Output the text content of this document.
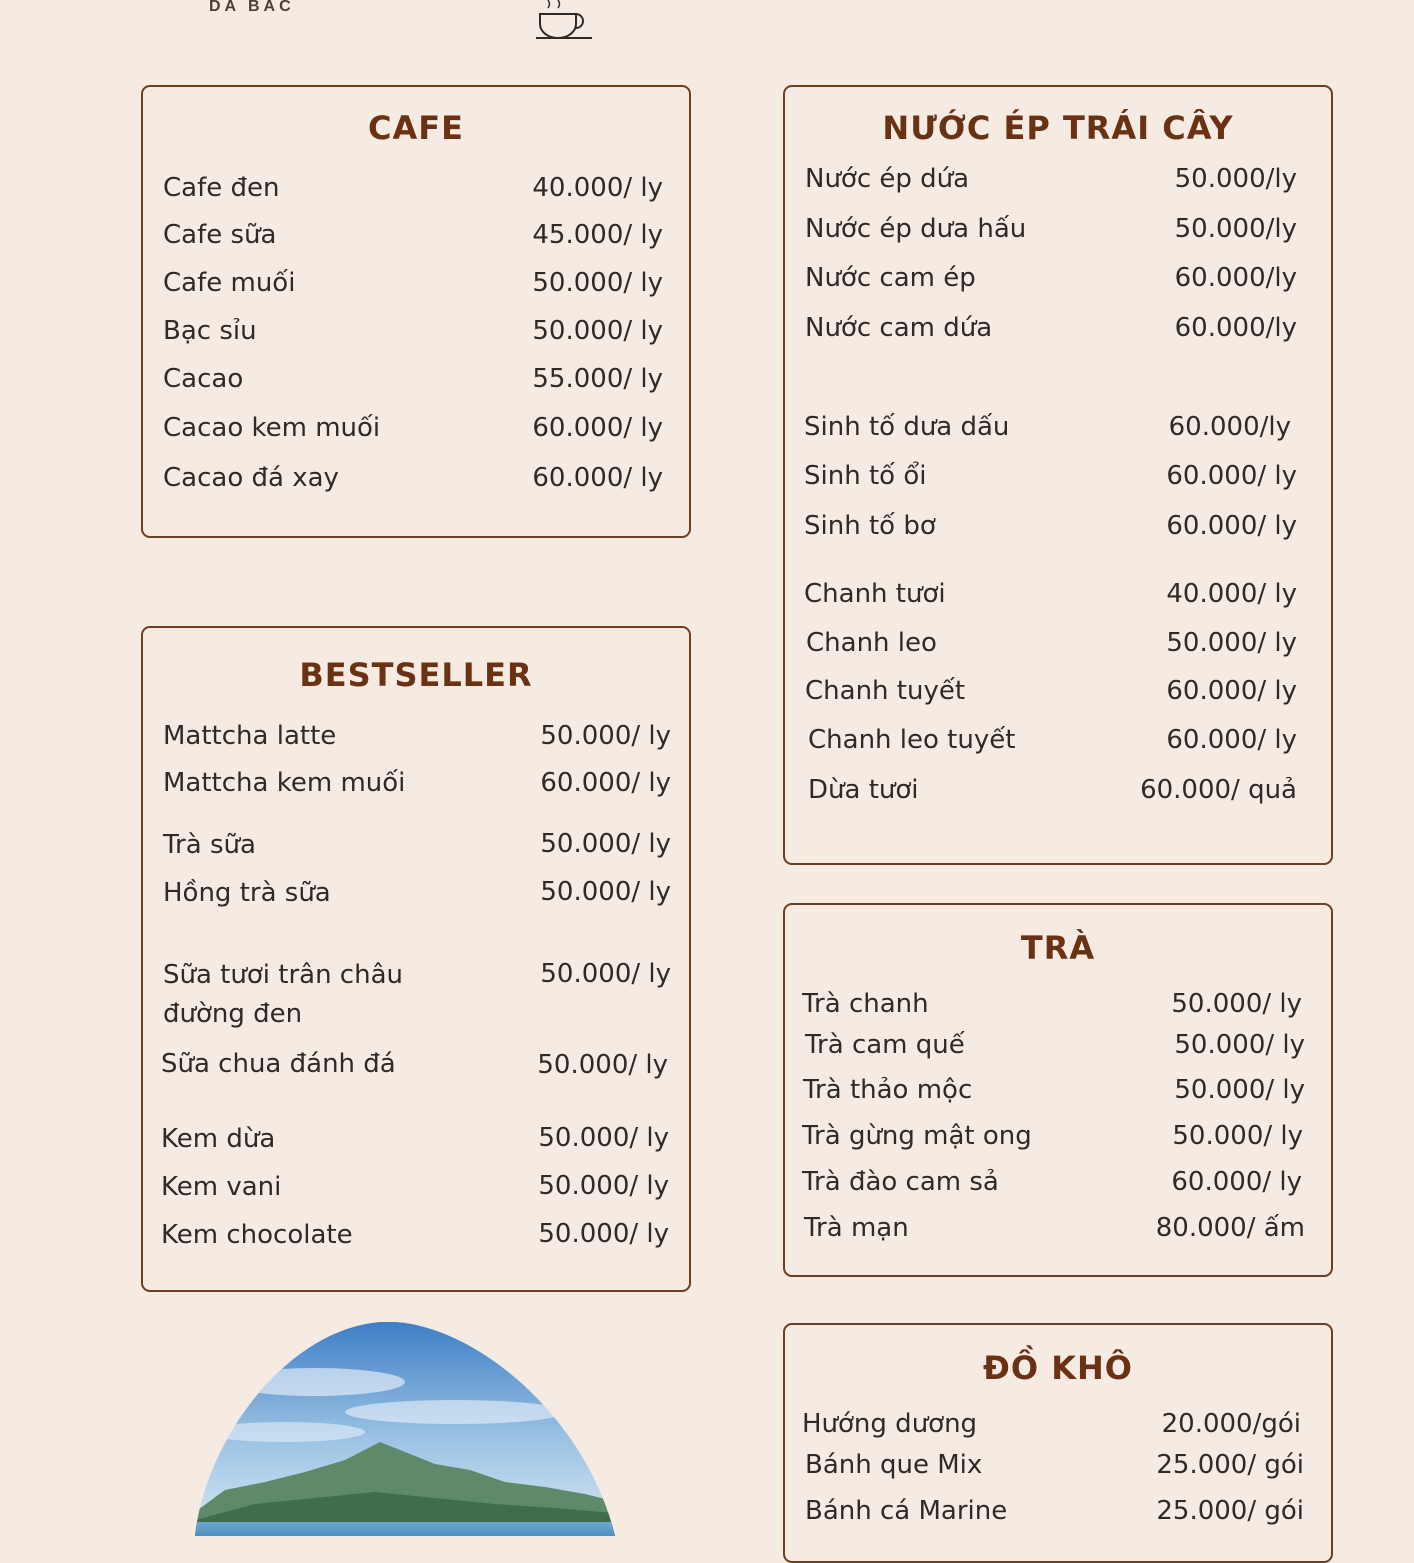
DA BAC
CAFE
Cafe đen	40.000/ ly
Cafe sữa	45.000/ ly
Cafe muối	50.000/ ly
Bạc sỉu	50.000/ ly
Cacao	55.000/ ly
Cacao kem muối	60.000/ ly
Cacao đá xay	60.000/ ly
BESTSELLER
Mattcha latte	50.000/ ly
Mattcha kem muối	60.000/ ly
Trà sữa	50.000/ ly
Hồng trà sữa	50.000/ ly
Sữa tươi trân châu
đường đen
50.000/ ly
Sữa chua đánh đá	50.000/ ly
Kem dừa	50.000/ ly
Kem vani	50.000/ ly
Kem chocolate	50.000/ ly
NƯỚC ÉP TRÁI CÂY
Nước ép dứa	50.000/ly
Nước ép dưa hấu	50.000/ly
Nước cam ép	60.000/ly
Nước cam dứa	60.000/ly
Sinh tố dưa dấu	60.000/ly
Sinh tố ổi	60.000/ ly
Sinh tố bơ	60.000/ ly
Chanh tươi	40.000/ ly
Chanh leo	50.000/ ly
Chanh tuyết	60.000/ ly
Chanh leo tuyết	60.000/ ly
Dừa tươi	60.000/ quả
TRÀ
Trà chanh	50.000/ ly
Trà cam quế	50.000/ ly
Trà thảo mộc	50.000/ ly
Trà gừng mật ong	50.000/ ly
Trà đào cam sả	60.000/ ly
Trà mạn	80.000/ ấm
ĐỒ KHÔ
Hướng dương	20.000/gói
Bánh que Mix	25.000/ gói
Bánh cá Marine	25.000/ gói
